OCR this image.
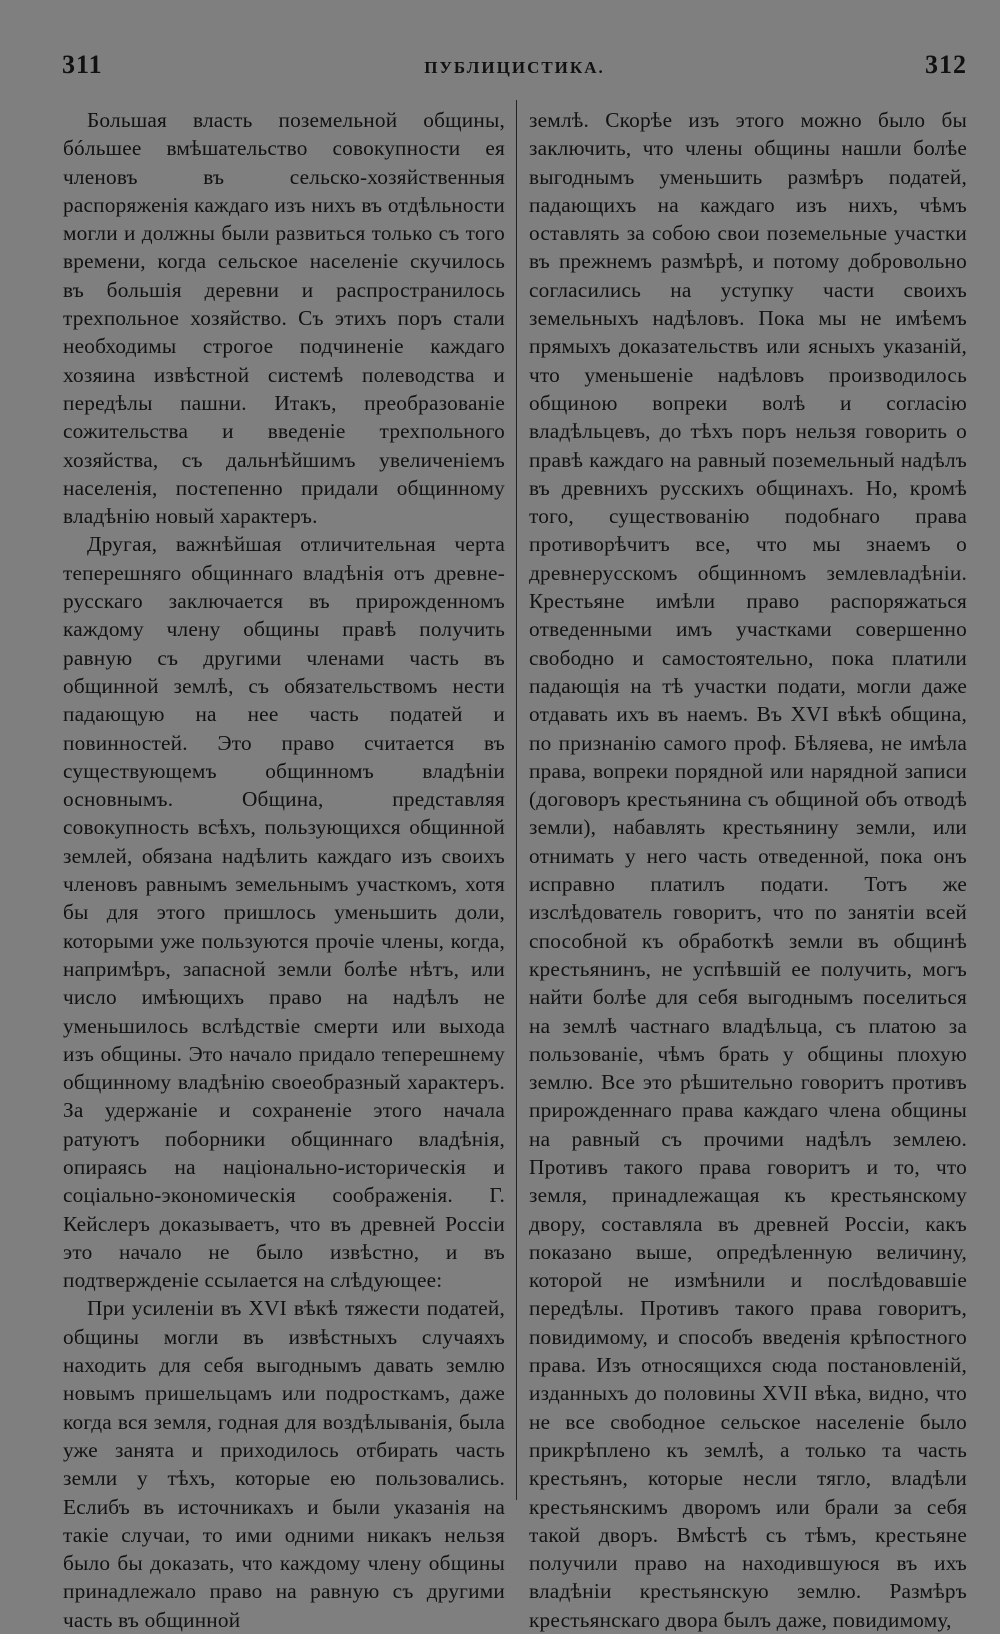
311	ПУБЛИЦИСТИКА.	312

Большая власть поземельной общины, бóльшее вмѣшательство совокупности ея членовъ въ сельско-хозяйственныя распоряженія каждаго изъ нихъ въ отдѣльности могли и должны были развиться только съ того времени, когда сельское населеніе скучилось въ большія деревни и распространилось трехпольное хозяйство. Съ этихъ поръ стали необходимы строгое подчиненіе каждаго хозяина извѣстной системѣ полеводства и передѣлы пашни. Итакъ, преобразованіе сожительства и введеніе трехпольного хозяйства, съ дальнѣйшимъ увеличеніемъ населенія, постепенно придали общинному владѣнію новый характеръ.

Другая, важнѣйшая отличительная черта теперешняго общиннаго владѣнія отъ древне-русскаго заключается въ прирожденномъ каждому члену общины правѣ получить равную съ другими членами часть въ общинной землѣ, съ обязательствомъ нести падающую на нее часть податей и повинностей. Это право считается въ существующемъ общинномъ владѣніи основнымъ. Община, представляя совокупность всѣхъ, пользующихся общинной землей, обязана надѣлить каждаго изъ своихъ членовъ равнымъ земельнымъ участкомъ, хотя бы для этого пришлось уменьшить доли, которыми уже пользуются прочіе члены, когда, напримѣръ, запасной земли болѣе нѣтъ, или число имѣющихъ право на надѣлъ не уменьшилось вслѣдствіе смерти или выхода изъ общины. Это начало придало теперешнему общинному владѣнію своеобразный характеръ. За удержаніе и сохраненіе этого начала ратуютъ поборники общиннаго владѣнія, опираясь на національно-историческія и соціально-экономическія соображенія. Г. Кейслеръ доказываетъ, что въ древней Россіи это начало не было извѣстно, и въ подтвержденіе ссылается на слѣдующее:

При усиленіи въ XVI вѣкѣ тяжести податей, общины могли въ извѣстныхъ случаяхъ находить для себя выгоднымъ давать землю новымъ пришельцамъ или подросткамъ, даже когда вся земля, годная для воздѣлыванія, была уже занята и приходилось отбирать часть земли у тѣхъ, которые ею пользовались. Еслибъ въ источникахъ и были указанія на такіе случаи, то ими одними никакъ нельзя было бы доказать, что каждому члену общины принадлежало право на равную съ другими часть въ общинной

землѣ. Скорѣе изъ этого можно было бы заключить, что члены общины нашли болѣе выгоднымъ уменьшить размѣръ податей, падающихъ на каждаго изъ нихъ, чѣмъ оставлять за собою свои поземельные участки въ прежнемъ размѣрѣ, и потому добровольно согласились на уступку части своихъ земельныхъ надѣловъ. Пока мы не имѣемъ прямыхъ доказательствъ или ясныхъ указаній, что уменьшеніе надѣловъ производилось общиною вопреки волѣ и согласію владѣльцевъ, до тѣхъ поръ нельзя говорить о правѣ каждаго на равный поземельный надѣлъ въ древнихъ русскихъ общинахъ. Но, кромѣ того, существованію подобнаго права противорѣчитъ все, что мы знаемъ о древнерусскомъ общинномъ землевладѣніи. Крестьяне имѣли право распоряжаться отведенными имъ участками совершенно свободно и самостоятельно, пока платили падающія на тѣ участки подати, могли даже отдавать ихъ въ наемъ. Въ XVI вѣкѣ община, по признанію самого проф. Бѣляева, не имѣла права, вопреки порядной или нарядной записи (договоръ крестьянина съ общиной объ отводѣ земли), набавлять крестьянину земли, или отнимать у него часть отведенной, пока онъ исправно платилъ подати. Тотъ же изслѣдователь говоритъ, что по занятіи всей способной къ обработкѣ земли въ общинѣ крестьянинъ, не успѣвшій ее получить, могъ найти болѣе для себя выгоднымъ поселиться на землѣ частнаго владѣльца, съ платою за пользованіе, чѣмъ брать у общины плохую землю. Все это рѣшительно говоритъ противъ прирожденнаго права каждаго члена общины на равный съ прочими надѣлъ землею. Противъ такого права говоритъ и то, что земля, принадлежащая къ крестьянскому двору, составляла въ древней Россіи, какъ показано выше, опредѣленную величину, которой не измѣнили и послѣдовавшіе передѣлы. Противъ такого права говоритъ, повидимому, и способъ введенія крѣпостного права. Изъ относящихся сюда постановленій, изданныхъ до половины XVII вѣка, видно, что не все свободное сельское населеніе было прикрѣплено къ землѣ, а только та часть крестьянъ, которые несли тягло, владѣли крестьянскимъ дворомъ или брали за себя такой дворъ. Вмѣстѣ съ тѣмъ, крестьяне получили право на находившуюся въ ихъ владѣніи крестьянскую землю. Размѣръ крестьянскаго двора былъ даже, повидимому,
